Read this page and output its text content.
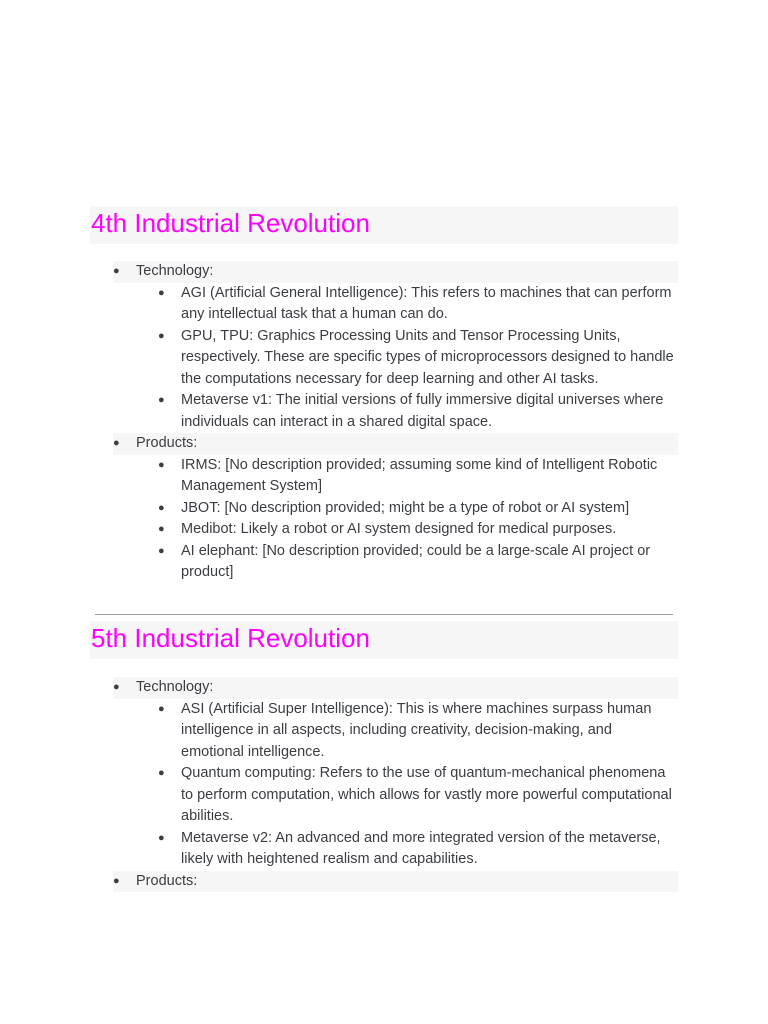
4th Industrial Revolution
● Technology:
● AGI (Artificial General Intelligence): This refers to machines that can perform any intellectual task that a human can do.
● GPU, TPU: Graphics Processing Units and Tensor Processing Units, respectively. These are specific types of microprocessors designed to handle the computations necessary for deep learning and other AI tasks.
● Metaverse v1: The initial versions of fully immersive digital universes where individuals can interact in a shared digital space.
● Products:
● IRMS: [No description provided; assuming some kind of Intelligent Robotic Management System]
● JBOT: [No description provided; might be a type of robot or AI system]
● Medibot: Likely a robot or AI system designed for medical purposes.
● AI elephant: [No description provided; could be a large-scale AI project or product]
5th Industrial Revolution
● Technology:
● ASI (Artificial Super Intelligence): This is where machines surpass human intelligence in all aspects, including creativity, decision-making, and emotional intelligence.
● Quantum computing: Refers to the use of quantum-mechanical phenomena to perform computation, which allows for vastly more powerful computational abilities.
● Metaverse v2: An advanced and more integrated version of the metaverse, likely with heightened realism and capabilities.
● Products:
